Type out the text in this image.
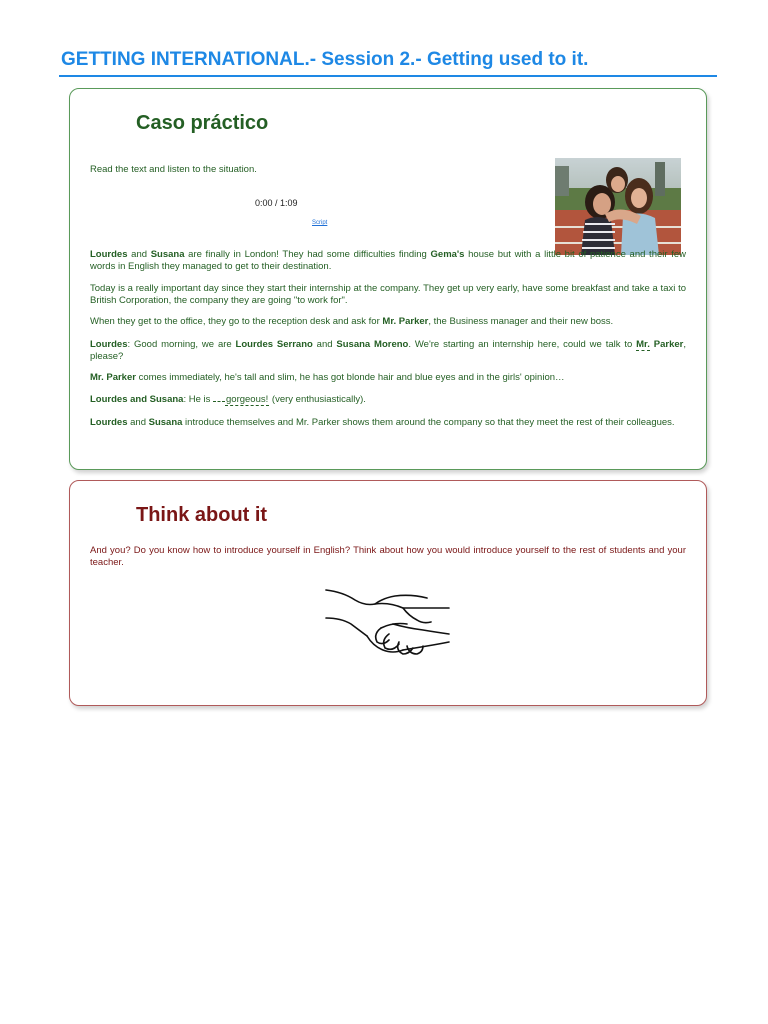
GETTING INTERNATIONAL.- Session 2.- Getting used to it.
Caso práctico
Read the text and listen to the situation.
0:00 / 1:09
Script

Lourdes and Susana are finally in London! They had some difficulties finding Gema's house but with a little bit of patience and their few words in English they managed to get to their destination.

Today is a really important day since they start their internship at the company. They get up very early, have some breakfast and take a taxi to British Corporation, the company they are going "to work for".

When they get to the office, they go to the reception desk and ask for Mr. Parker, the Business manager and their new boss.

Lourdes: Good morning, we are Lourdes Serrano and Susana Moreno. We're starting an internship here, could we talk to Mr. Parker, please?

Mr. Parker comes immediately, he's tall and slim, he has got blonde hair and blue eyes and in the girls' opinion…

Lourdes and Susana: He is gorgeous! (very enthusiastically).

Lourdes and Susana introduce themselves and Mr. Parker shows them around the company so that they meet the rest of their colleagues.

Think about it

And you? Do you know how to introduce yourself in English? Think about how you would introduce yourself to the rest of students and your teacher.
